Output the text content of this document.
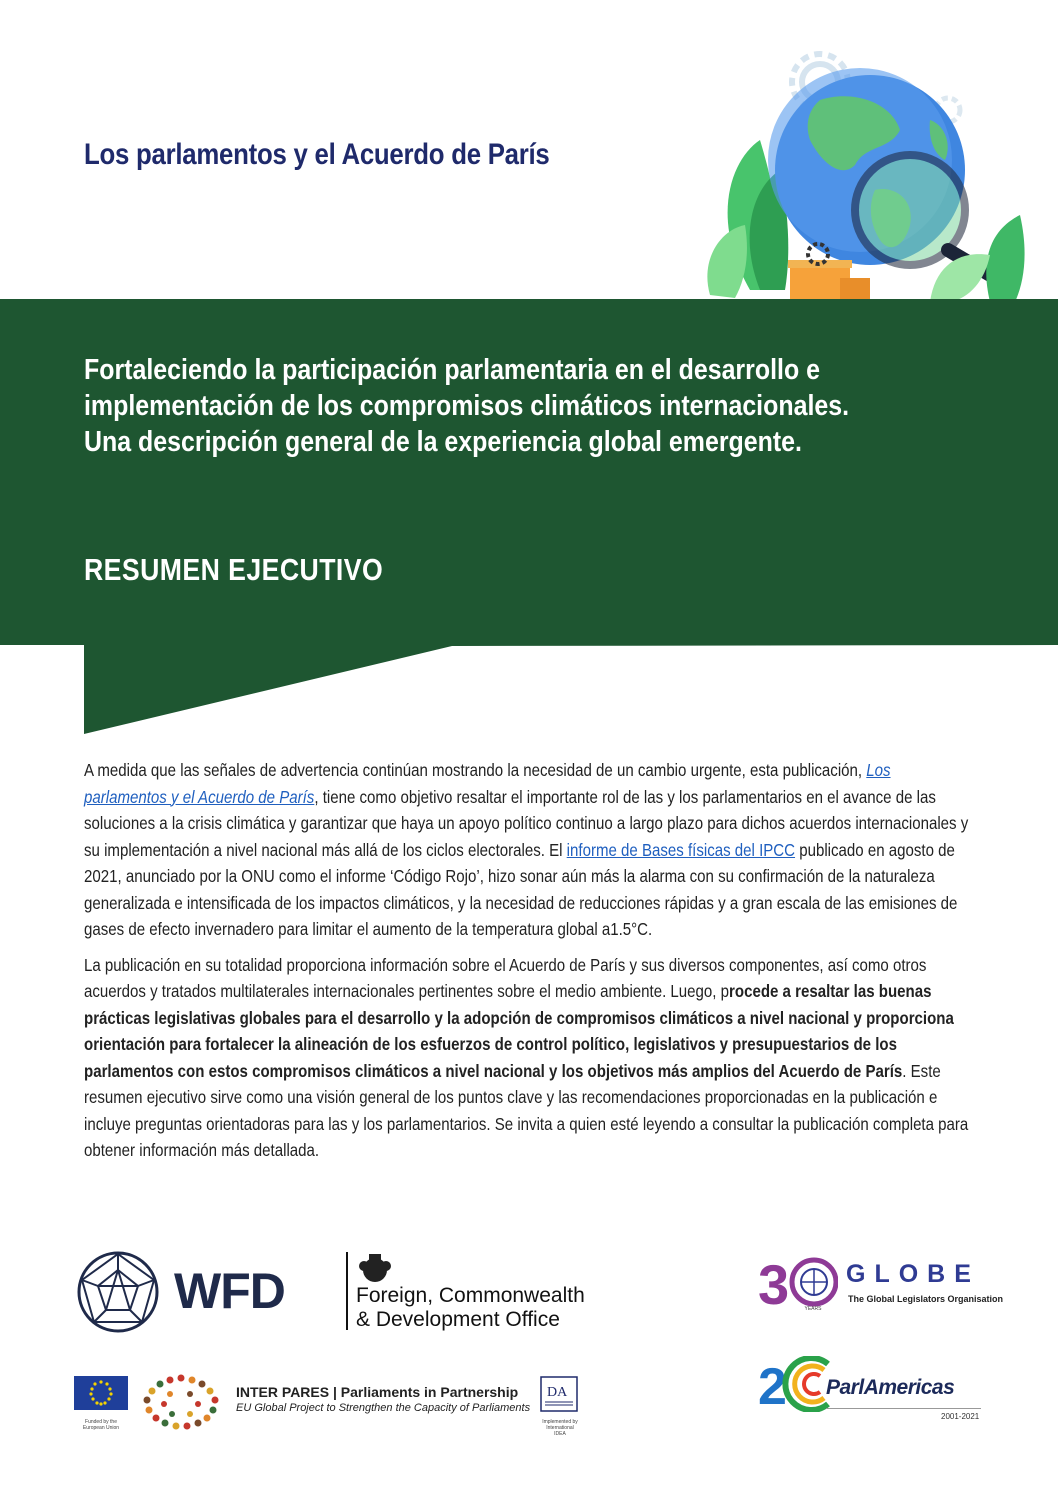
Los parlamentos y el Acuerdo de París

Fortaleciendo la participación parlamentaria en el desarrollo e

implementación de los compromisos climáticos internacionales.

Una descripción general de la experiencia global emergente.

RESUMEN EJECUTIVO

A medida que las señales de advertencia continúan mostrando la necesidad de un cambio urgente, esta publicación, Los parlamentos y el Acuerdo de París, tiene como objetivo resaltar el importante rol de las y los parlamentarios en el avance de las soluciones a la crisis climática y garantizar que haya un apoyo político continuo a largo plazo para dichos acuerdos internacionales y su implementación a nivel nacional más allá de los ciclos electorales. El informe de Bases físicas del IPCC publicado en agosto de 2021, anunciado por la ONU como el informe ‘Código Rojo’, hizo sonar aún más la alarma con su confirmación de la naturaleza generalizada e intensificada de los impactos climáticos, y la necesidad de reducciones rápidas y a gran escala de las emisiones de gases de efecto invernadero para limitar el aumento de la temperatura global a1.5°C.

La publicación en su totalidad proporciona información sobre el Acuerdo de París y sus diversos componentes, así como otros acuerdos y tratados multilaterales internacionales pertinentes sobre el medio ambiente. Luego, procede a resaltar las buenas prácticas legislativas globales para el desarrollo y la adopción de compromisos climáticos a nivel nacional y proporciona orientación para fortalecer la alineación de los esfuerzos de control político, legislativos y presupuestarios de los parlamentos con estos compromisos climáticos a nivel nacional y los objetivos más amplios del Acuerdo de París. Este resumen ejecutivo sirve como una visión general de los puntos clave y las recomendaciones proporcionadas en la publicación e incluye preguntas orientadoras para las y los parlamentarios. Se invita a quien esté leyendo a consultar la publicación completa para obtener información más detallada.

WFD	Foreign, Commonwealth
& Development Office
3 GLOBE
The Global Legislators Organisation
YEARS
2 ParlAmericas
2001-2021
Funded by the European Union
INTER PARES | Parliaments in Partnership
EU Global Project to Strengthen the Capacity of Parliaments
DA
Implemented by International IDEA
